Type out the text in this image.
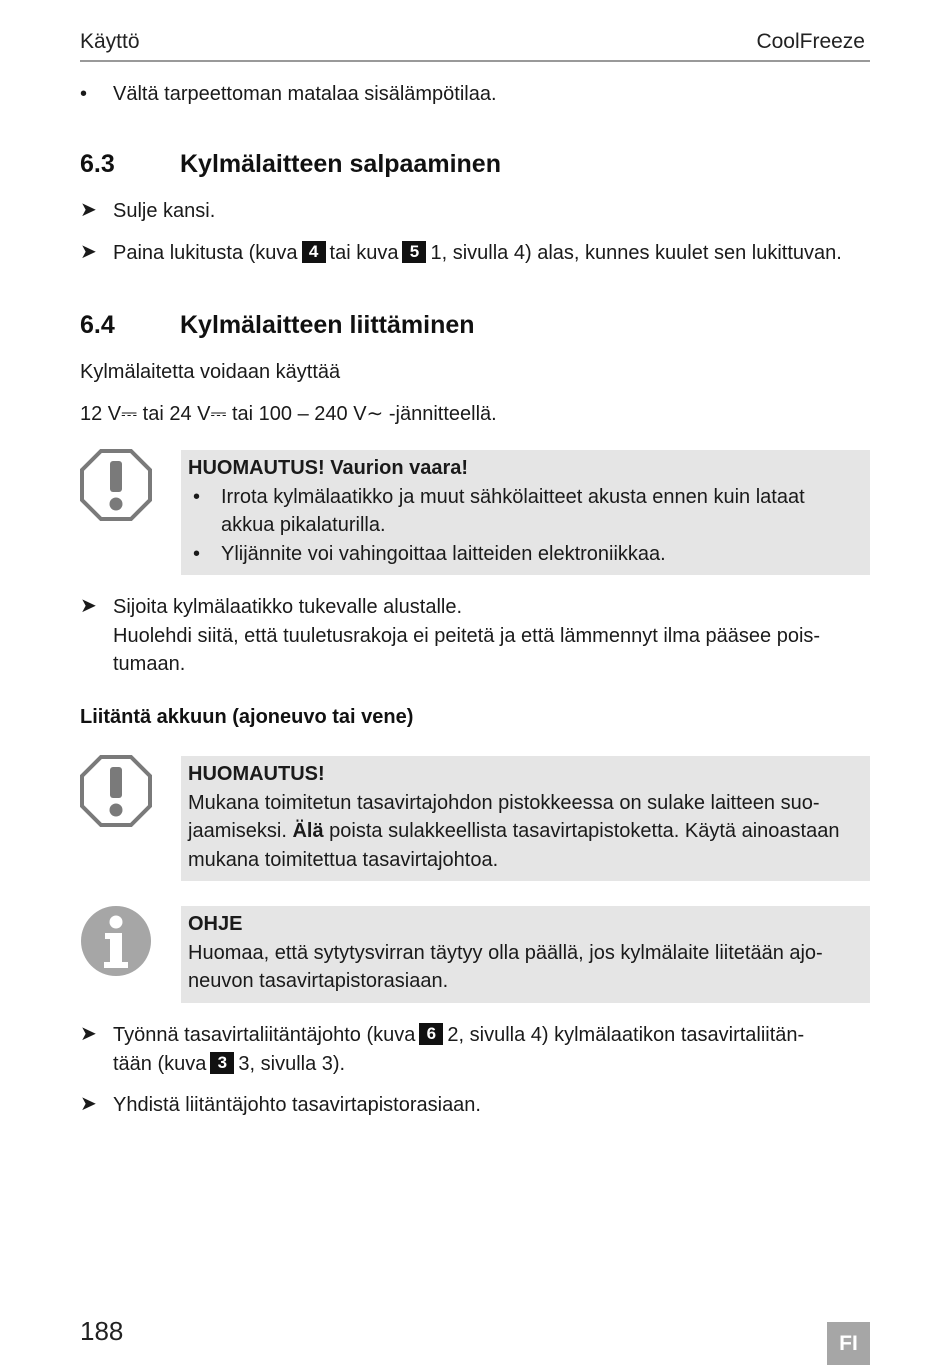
Käyttö	CoolFreeze
• Vältä tarpeettoman matalaa sisälämpötilaa.
6.3	Kylmälaitteen salpaaminen
➤ Sulje kansi.
➤ Paina lukitusta (kuva 4 tai kuva 5 1, sivulla 4) alas, kunnes kuulet sen lukittuvan.
6.4	Kylmälaitteen liittäminen
Kylmälaitetta voidaan käyttää
12 V⎓ tai 24 V⎓ tai 100 – 240 V∼ -jännitteellä.
HUOMAUTUS! Vaurion vaara!
• Irrota kylmälaatikko ja muut sähkölaitteet akusta ennen kuin lataat akkua pikalaturilla.
• Ylijännite voi vahingoittaa laitteiden elektroniikkaa.
➤ Sijoita kylmälaatikko tukevalle alustalle.
Huolehdi siitä, että tuuletusrakoja ei peitetä ja että lämmennyt ilma pääsee pois-
tumaan.
Liitäntä akkuun (ajoneuvo tai vene)
HUOMAUTUS!
Mukana toimitetun tasavirtajohdon pistokkeessa on sulake laitteen suo-
jaamiseksi. Älä poista sulakkeellista tasavirtapistoketta. Käytä ainoastaan
mukana toimitettua tasavirtajohtoa.
OHJE
Huomaa, että sytytysvirran täytyy olla päällä, jos kylmälaite liitetään ajo-
neuvon tasavirtapistorasiaan.
➤ Työnnä tasavirtaliitäntäjohto (kuva 6 2, sivulla 4) kylmälaatikon tasavirtaliitän-
tään (kuva 3 3, sivulla 3).
➤ Yhdistä liitäntäjohto tasavirtapistorasiaan.
188	FI
